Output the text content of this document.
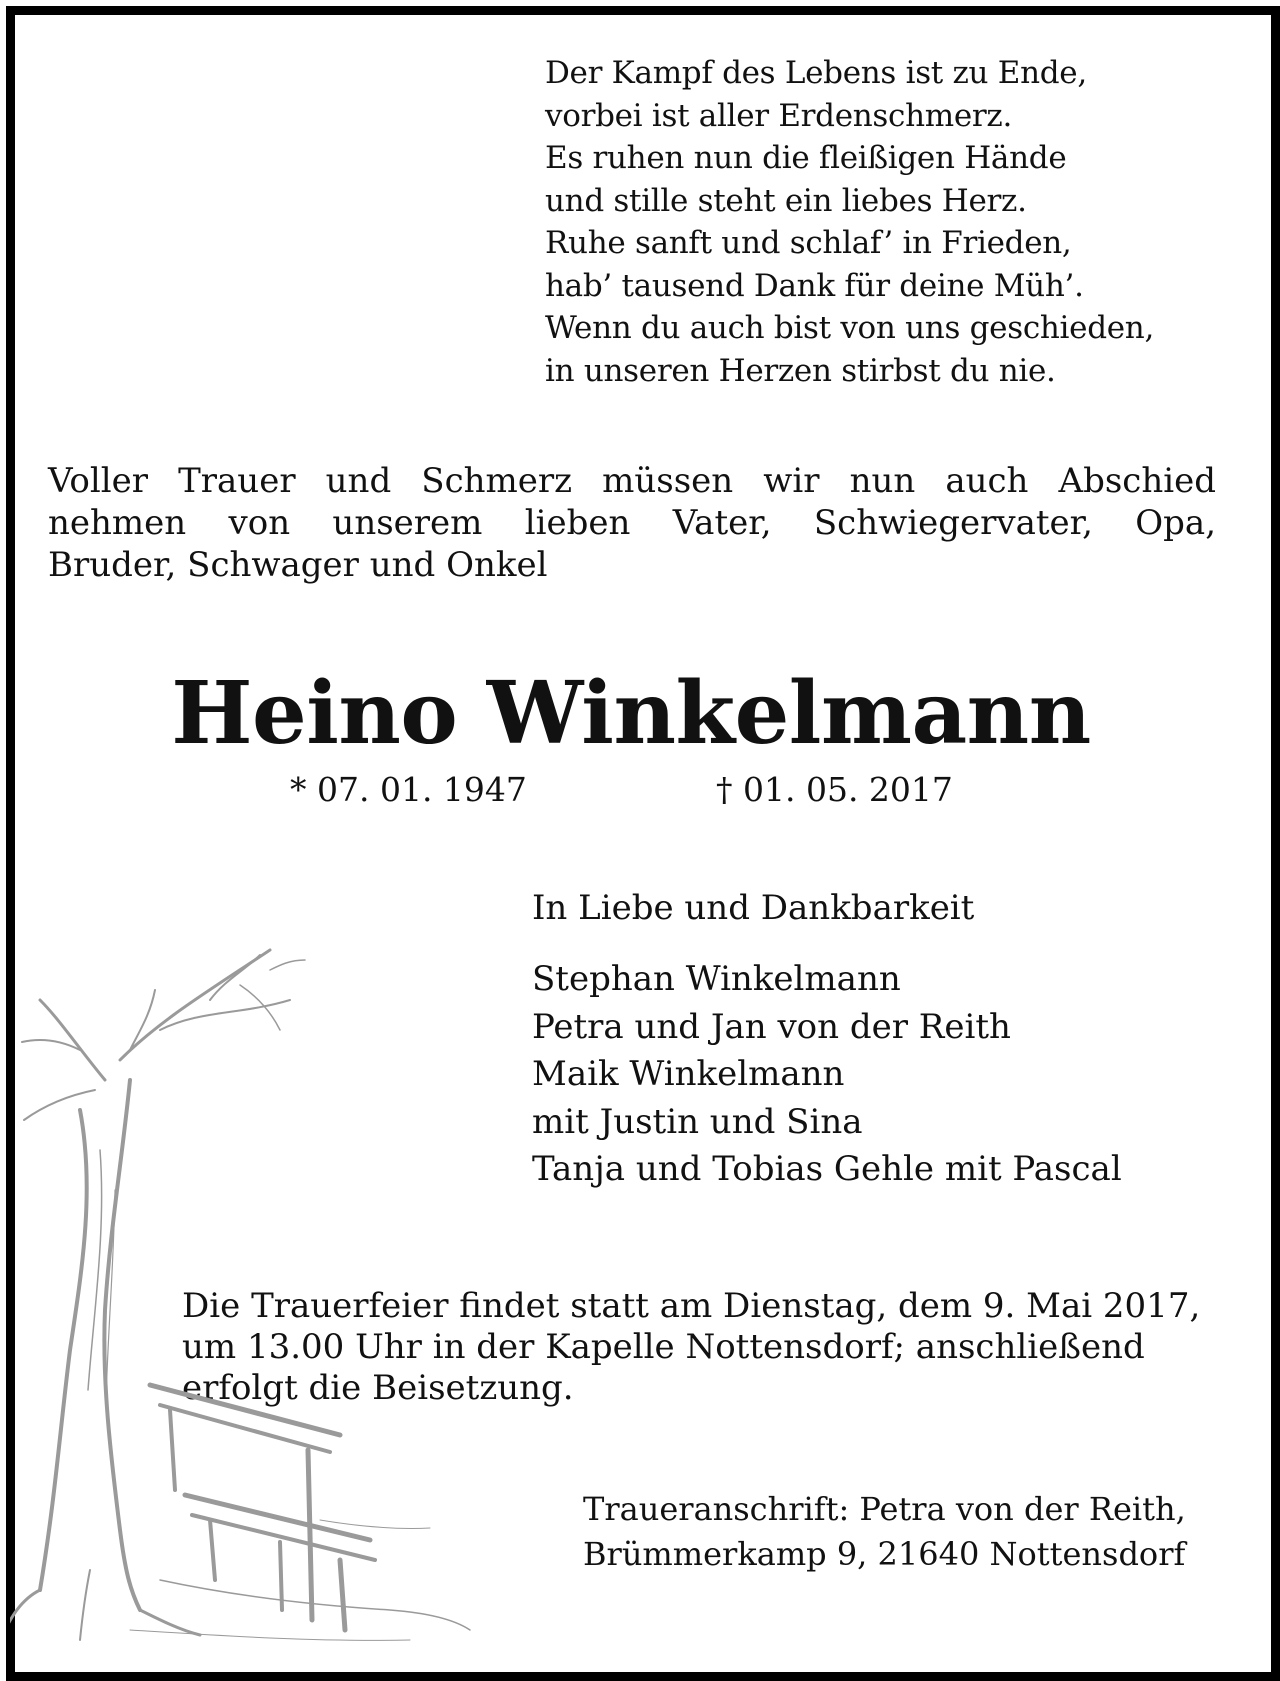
Der Kampf des Lebens ist zu Ende,
vorbei ist aller Erdenschmerz.
Es ruhen nun die fleißigen Hände
und stille steht ein liebes Herz.
Ruhe sanft und schlaf’ in Frieden,
hab’ tausend Dank für deine Müh’.
Wenn du auch bist von uns geschieden,
in unseren Herzen stirbst du nie.
Voller Trauer und Schmerz müssen wir nun auch Abschied
nehmen von unserem lieben Vater, Schwiegervater, Opa,
Bruder, Schwager und Onkel
Heino Winkelmann
* 07. 01. 1947	† 01. 05. 2017
In Liebe und Dankbarkeit
Stephan Winkelmann
Petra und Jan von der Reith
Maik Winkelmann
mit Justin und Sina
Tanja und Tobias Gehle mit Pascal
Die Trauerfeier findet statt am Dienstag, dem 9. Mai 2017,
um 13.00 Uhr in der Kapelle Nottensdorf; anschließend
erfolgt die Beisetzung.
Traueranschrift: Petra von der Reith,
Brümmerkamp 9, 21640 Nottensdorf
